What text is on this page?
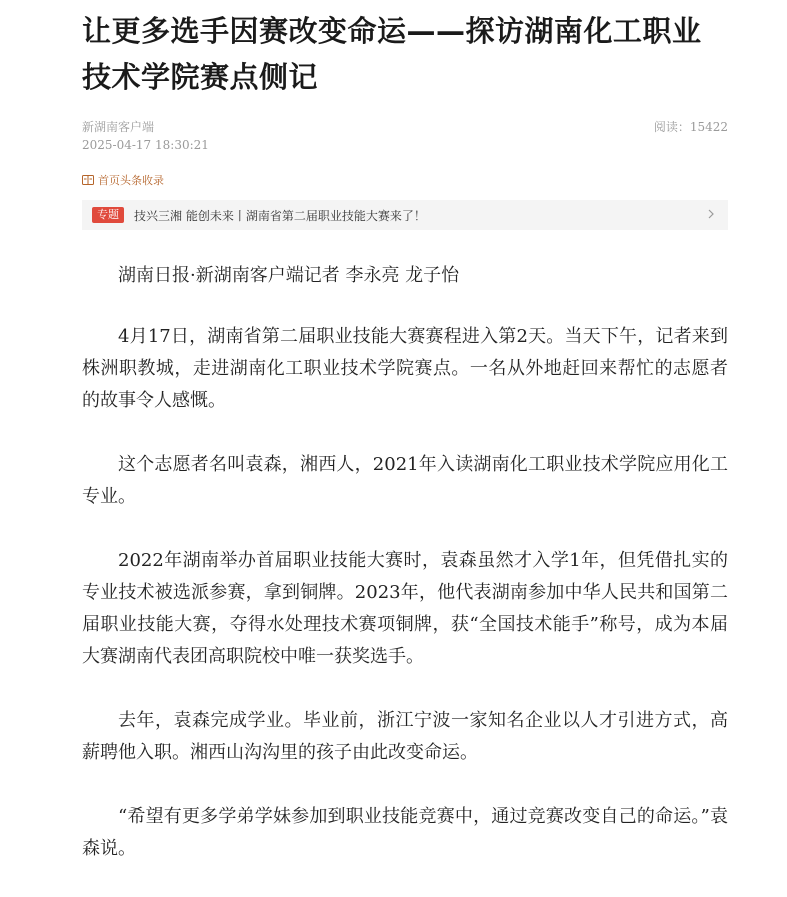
让更多选手因赛改变命运——探访湖南化工职业技术学院赛点侧记
新湖南客户端
2025-04-17 18:30:21
阅读：15422
首页头条收录
专题	技兴三湘 能创未来丨湖南省第二届职业技能大赛来了！

湖南日报·新湖南客户端记者 李永亮 龙子怡

4月17日，湖南省第二届职业技能大赛赛程进入第2天。当天下午，记者来到株洲职教城，走进湖南化工职业技术学院赛点。一名从外地赶回来帮忙的志愿者的故事令人感慨。

这个志愿者名叫袁森，湘西人，2021年入读湖南化工职业技术学院应用化工专业。

2022年湖南举办首届职业技能大赛时，袁森虽然才入学1年，但凭借扎实的专业技术被选派参赛，拿到铜牌。2023年，他代表湖南参加中华人民共和国第二届职业技能大赛，夺得水处理技术赛项铜牌，获“全国技术能手”称号，成为本届大赛湖南代表团高职院校中唯一获奖选手。

去年，袁森完成学业。毕业前，浙江宁波一家知名企业以人才引进方式，高薪聘他入职。湘西山沟沟里的孩子由此改变命运。

“希望有更多学弟学妹参加到职业技能竞赛中，通过竞赛改变自己的命运。”袁森说。
